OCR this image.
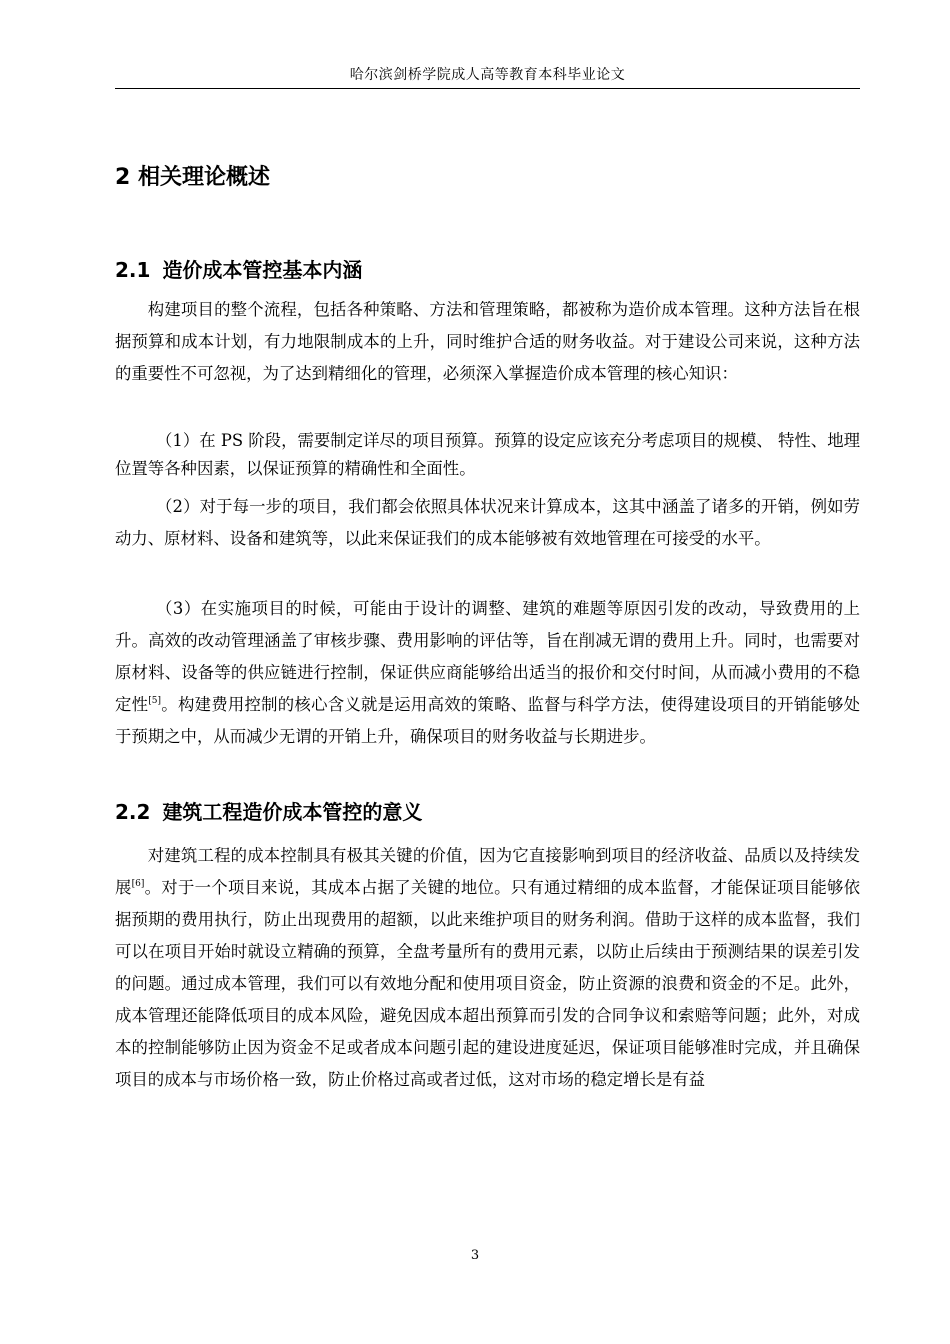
哈尔滨剑桥学院成人高等教育本科毕业论文
2 相关理论概述
2.1 造价成本管控基本内涵

构建项目的整个流程，包括各种策略、方法和管理策略，都被称为造价成本管理。这种方法旨在根据预算和成本计划，有力地限制成本的上升，同时维护合适的财务收益。对于建设公司来说，这种方法的重要性不可忽视，为了达到精细化的管理，必须深入掌握造价成本管理的核心知识：

（1）在 PS 阶段，需要制定详尽的项目预算。预算的设定应该充分考虑项目的规模、 特性、地理位置等各种因素，以保证预算的精确性和全面性。

（2）对于每一步的项目，我们都会依照具体状况来计算成本，这其中涵盖了诸多的开销，例如劳动力、原材料、设备和建筑等，以此来保证我们的成本能够被有效地管理在可接受的水平。

（3）在实施项目的时候，可能由于设计的调整、建筑的难题等原因引发的改动，导致费用的上升。高效的改动管理涵盖了审核步骤、费用影响的评估等，旨在削减无谓的费用上升。同时，也需要对原材料、设备等的供应链进行控制，保证供应商能够给出适当的报价和交付时间，从而减小费用的不稳定性[5]。构建费用控制的核心含义就是运用高效的策略、监督与科学方法，使得建设项目的开销能够处于预期之中，从而减少无谓的开销上升，确保项目的财务收益与长期进步。

2.2 建筑工程造价成本管控的意义

对建筑工程的成本控制具有极其关键的价值，因为它直接影响到项目的经济收益、品质以及持续发展[6]。对于一个项目来说，其成本占据了关键的地位。只有通过精细的成本监督，才能保证项目能够依据预期的费用执行，防止出现费用的超额，以此来维护项目的财务利润。借助于这样的成本监督，我们可以在项目开始时就设立精确的预算，全盘考量所有的费用元素，以防止后续由于预测结果的误差引发的问题。通过成本管理，我们可以有效地分配和使用项目资金，防止资源的浪费和资金的不足。此外，成本管理还能降低项目的成本风险，避免因成本超出预算而引发的合同争议和索赔等问题；此外，对成本的控制能够防止因为资金不足或者成本问题引起的建设进度延迟，保证项目能够准时完成，并且确保项目的成本与市场价格一致，防止价格过高或者过低，这对市场的稳定增长是有益

3
